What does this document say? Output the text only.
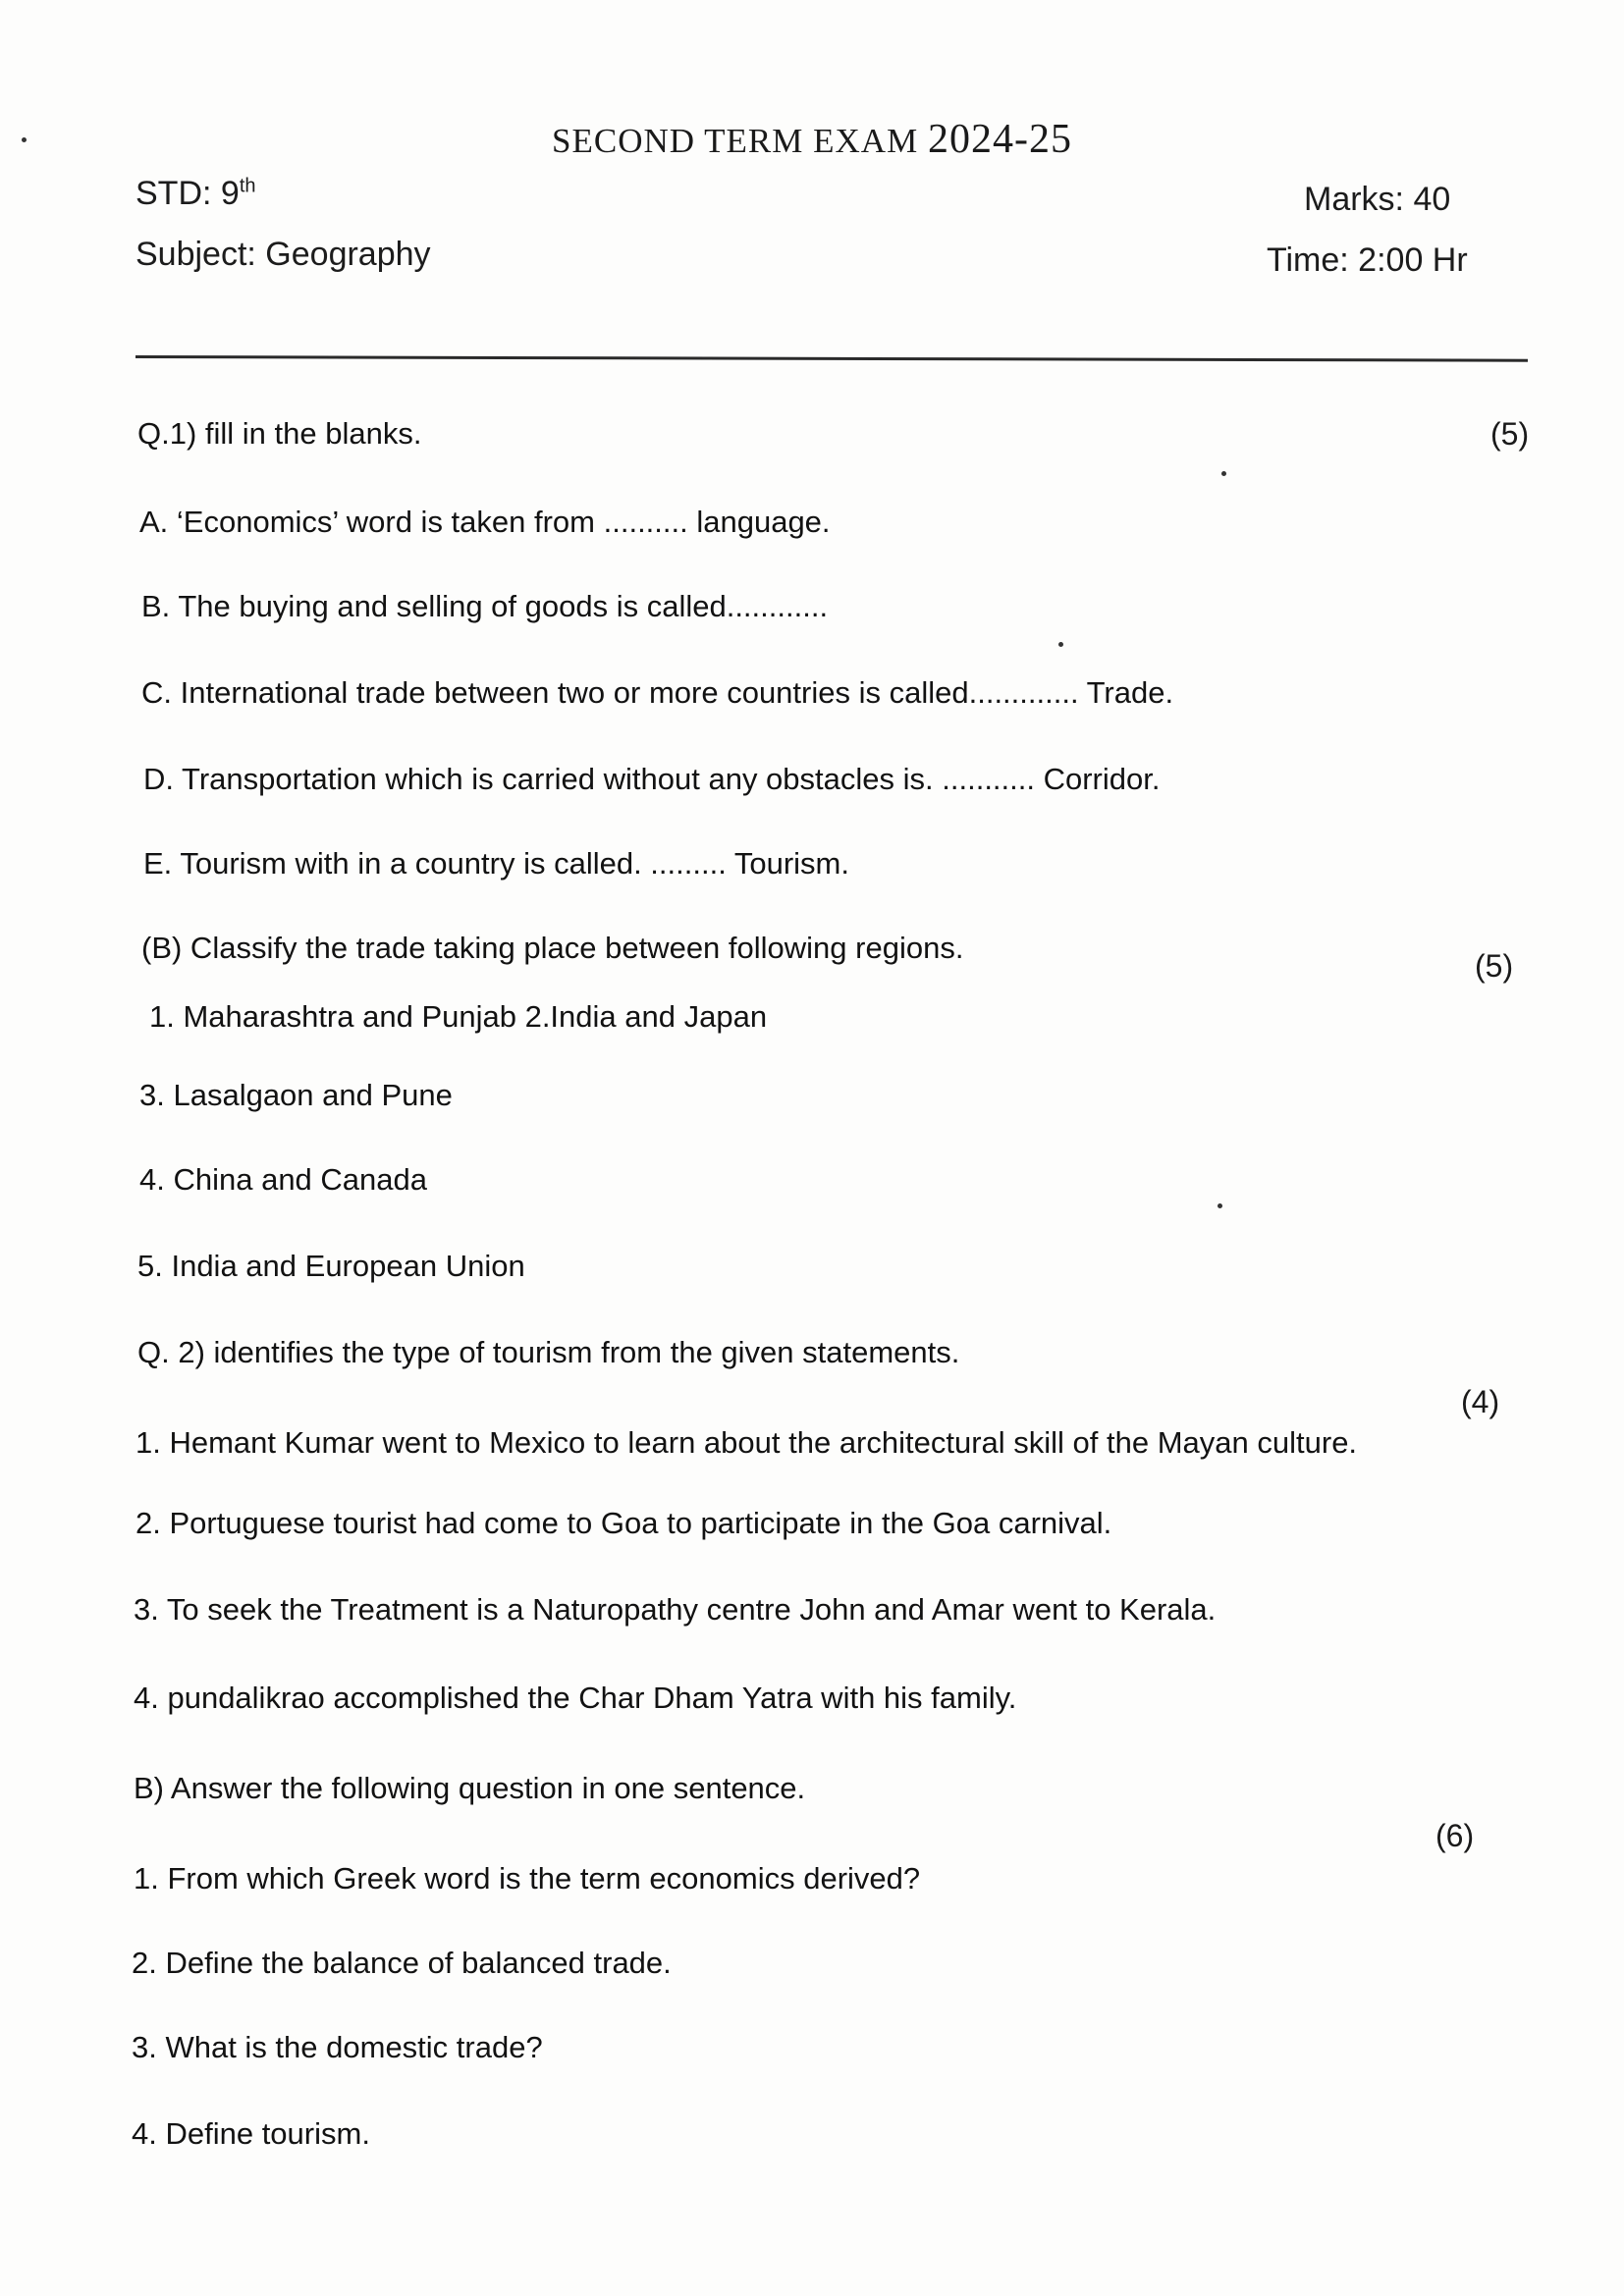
SECOND TERM EXAM 2024-25
STD: 9th
Subject: Geography
Marks: 40
Time: 2:00 Hr
Q.1) fill in the blanks.	(5)
A. ‘Economics’ word is taken from .......... language.
B. The buying and selling of goods is called............
C. International trade between two or more countries is called............. Trade.
D. Transportation which is carried without any obstacles is. ........... Corridor.
E. Tourism with in a country is called. ......... Tourism.
(B) Classify the trade taking place between following regions.
(5)
1. Maharashtra and Punjab 2.India and Japan
3. Lasalgaon and Pune
4. China and Canada
5. India and European Union
Q. 2) identifies the type of tourism from the given statements.
(4)
1. Hemant Kumar went to Mexico to learn about the architectural skill of the Mayan culture.
2. Portuguese tourist had come to Goa to participate in the Goa carnival.
3. To seek the Treatment is a Naturopathy centre John and Amar went to Kerala.
4. pundalikrao accomplished the Char Dham Yatra with his family.
B) Answer the following question in one sentence.
(6)
1. From which Greek word is the term economics derived?
2. Define the balance of balanced trade.
3. What is the domestic trade?
4. Define tourism.
